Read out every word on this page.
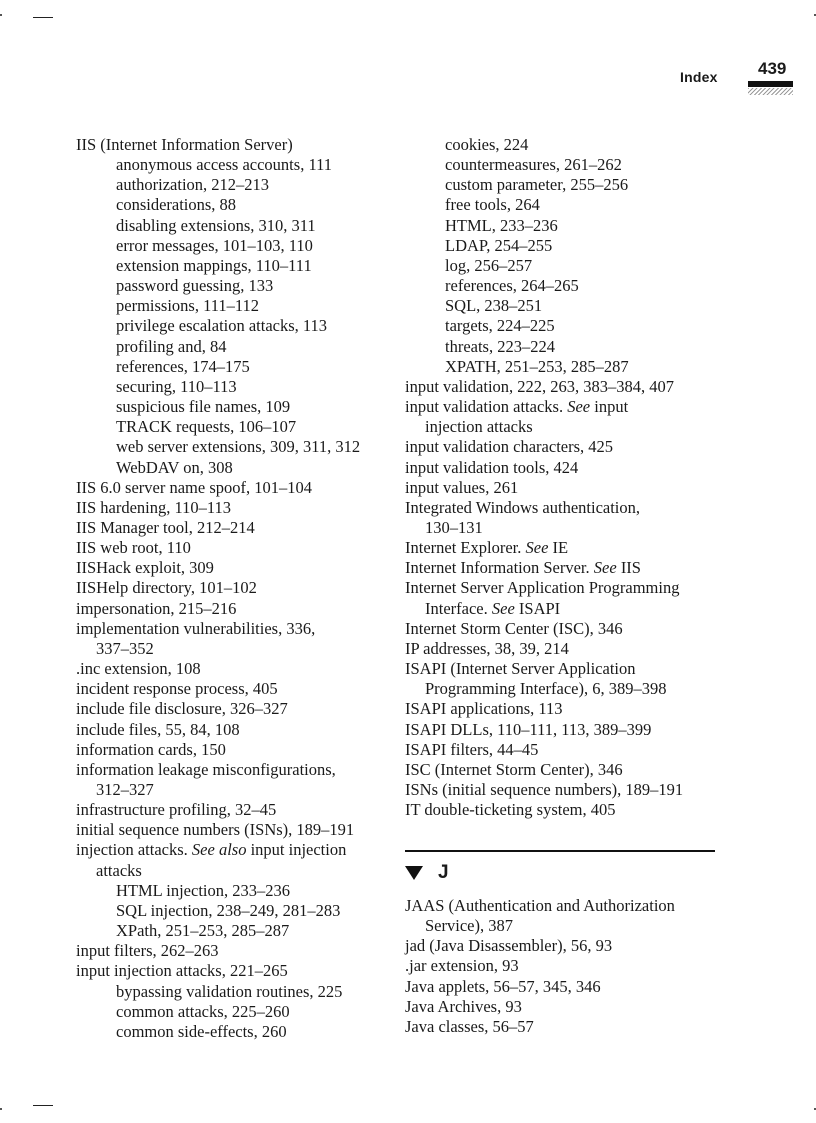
Index 439
IIS (Internet Information Server)
anonymous access accounts, 111
authorization, 212–213
considerations, 88
disabling extensions, 310, 311
error messages, 101–103, 110
extension mappings, 110–111
password guessing, 133
permissions, 111–112
privilege escalation attacks, 113
profiling and, 84
references, 174–175
securing, 110–113
suspicious file names, 109
TRACK requests, 106–107
web server extensions, 309, 311, 312
WebDAV on, 308
IIS 6.0 server name spoof, 101–104
IIS hardening, 110–113
IIS Manager tool, 212–214
IIS web root, 110
IISHack exploit, 309
IISHelp directory, 101–102
impersonation, 215–216
implementation vulnerabilities, 336,
337–352
.inc extension, 108
incident response process, 405
include file disclosure, 326–327
include files, 55, 84, 108
information cards, 150
information leakage misconfigurations,
312–327
infrastructure profiling, 32–45
initial sequence numbers (ISNs), 189–191
injection attacks. See also input injection
attacks
HTML injection, 233–236
SQL injection, 238–249, 281–283
XPath, 251–253, 285–287
input filters, 262–263
input injection attacks, 221–265
bypassing validation routines, 225
common attacks, 225–260
common side-effects, 260
cookies, 224
countermeasures, 261–262
custom parameter, 255–256
free tools, 264
HTML, 233–236
LDAP, 254–255
log, 256–257
references, 264–265
SQL, 238–251
targets, 224–225
threats, 223–224
XPATH, 251–253, 285–287
input validation, 222, 263, 383–384, 407
input validation attacks. See input
injection attacks
input validation characters, 425
input validation tools, 424
input values, 261
Integrated Windows authentication,
130–131
Internet Explorer. See IE
Internet Information Server. See IIS
Internet Server Application Programming
Interface. See ISAPI
Internet Storm Center (ISC), 346
IP addresses, 38, 39, 214
ISAPI (Internet Server Application
Programming Interface), 6, 389–398
ISAPI applications, 113
ISAPI DLLs, 110–111, 113, 389–399
ISAPI filters, 44–45
ISC (Internet Storm Center), 346
ISNs (initial sequence numbers), 189–191
IT double-ticketing system, 405
J
JAAS (Authentication and Authorization
Service), 387
jad (Java Disassembler), 56, 93
.jar extension, 93
Java applets, 56–57, 345, 346
Java Archives, 93
Java classes, 56–57
